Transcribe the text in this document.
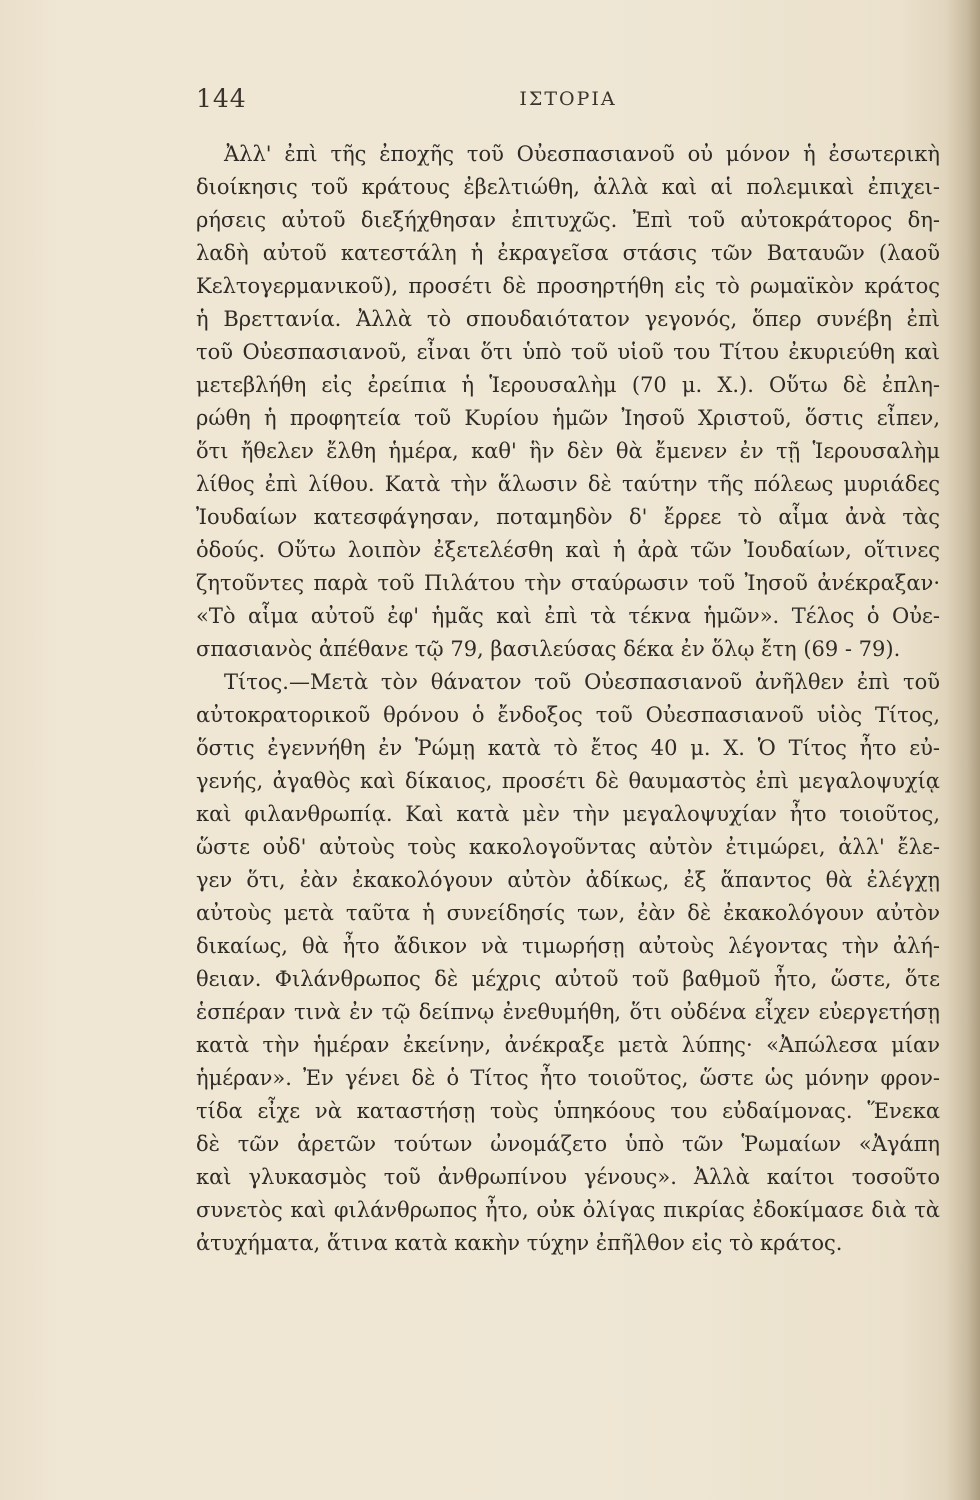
144	ΙΣΤΟΡΙΑ
Ἀλλ' ἐπὶ τῆς ἐποχῆς τοῦ Οὐεσπασιανοῦ οὐ μόνον ἡ ἐσωτερικὴ
διοίκησις τοῦ κράτους ἐβελτιώθη, ἀλλὰ καὶ αἱ πολεμικαὶ ἐπιχει-
ρήσεις αὐτοῦ διεξήχθησαν ἐπιτυχῶς. Ἐπὶ τοῦ αὐτοκράτορος δη-
λαδὴ αὐτοῦ κατεστάλη ἡ ἐκραγεῖσα στάσις τῶν Βαταυῶν (λαοῦ
Κελτογερμανικοῦ), προσέτι δὲ προσηρτήθη εἰς τὸ ρωμαϊκὸν κράτος
ἡ Βρεττανία. Ἀλλὰ τὸ σπουδαιότατον γεγονός, ὅπερ συνέβη ἐπὶ
τοῦ Οὐεσπασιανοῦ, εἶναι ὅτι ὑπὸ τοῦ υἱοῦ του Τίτου ἐκυριεύθη καὶ
μετεβλήθη εἰς ἐρείπια ἡ Ἱερουσαλὴμ (70 μ. Χ.). Οὕτω δὲ ἐπλη-
ρώθη ἡ προφητεία τοῦ Κυρίου ἡμῶν Ἰησοῦ Χριστοῦ, ὅστις εἶπεν,
ὅτι ἤθελεν ἔλθη ἡμέρα, καθ' ἣν δὲν θὰ ἔμενεν ἐν τῇ Ἱερουσαλὴμ
λίθος ἐπὶ λίθου. Κατὰ τὴν ἅλωσιν δὲ ταύτην τῆς πόλεως μυριάδες
Ἰουδαίων κατεσφάγησαν, ποταμηδὸν δ' ἔρρεε τὸ αἷμα ἀνὰ τὰς
ὁδούς. Οὕτω λοιπὸν ἐξετελέσθη καὶ ἡ ἀρὰ τῶν Ἰουδαίων, οἵτινες
ζητοῦντες παρὰ τοῦ Πιλάτου τὴν σταύρωσιν τοῦ Ἰησοῦ ἀνέκραξαν·
«Τὸ αἷμα αὐτοῦ ἐφ' ἡμᾶς καὶ ἐπὶ τὰ τέκνα ἡμῶν». Τέλος ὁ Οὐε-
σπασιανὸς ἀπέθανε τῷ 79, βασιλεύσας δέκα ἐν ὅλῳ ἔτη (69 - 79).
Τίτος.—Μετὰ τὸν θάνατον τοῦ Οὐεσπασιανοῦ ἀνῆλθεν ἐπὶ τοῦ
αὐτοκρατορικοῦ θρόνου ὁ ἔνδοξος τοῦ Οὐεσπασιανοῦ υἱὸς Τίτος,
ὅστις ἐγεννήθη ἐν Ῥώμῃ κατὰ τὸ ἔτος 40 μ. Χ. Ὁ Τίτος ἦτο εὐ-
γενής, ἀγαθὸς καὶ δίκαιος, προσέτι δὲ θαυμαστὸς ἐπὶ μεγαλοψυχίᾳ
καὶ φιλανθρωπίᾳ. Καὶ κατὰ μὲν τὴν μεγαλοψυχίαν ἦτο τοιοῦτος,
ὥστε οὐδ' αὐτοὺς τοὺς κακολογοῦντας αὐτὸν ἐτιμώρει, ἀλλ' ἔλε-
γεν ὅτι, ἐὰν ἐκακολόγουν αὐτὸν ἀδίκως, ἐξ ἅπαντος θὰ ἐλέγχῃ
αὐτοὺς μετὰ ταῦτα ἡ συνείδησίς των, ἐὰν δὲ ἐκακολόγουν αὐτὸν
δικαίως, θὰ ἦτο ἄδικον νὰ τιμωρήσῃ αὐτοὺς λέγοντας τὴν ἀλή-
θειαν. Φιλάνθρωπος δὲ μέχρις αὐτοῦ τοῦ βαθμοῦ ἦτο, ὥστε, ὅτε
ἑσπέραν τινὰ ἐν τῷ δείπνῳ ἐνεθυμήθη, ὅτι οὐδένα εἶχεν εὐεργετήσῃ
κατὰ τὴν ἡμέραν ἐκείνην, ἀνέκραξε μετὰ λύπης· «Ἀπώλεσα μίαν
ἡμέραν». Ἐν γένει δὲ ὁ Τίτος ἦτο τοιοῦτος, ὥστε ὡς μόνην φρον-
τίδα εἶχε νὰ καταστήσῃ τοὺς ὑπηκόους του εὐδαίμονας. Ἕνεκα
δὲ τῶν ἀρετῶν τούτων ὠνομάζετο ὑπὸ τῶν Ῥωμαίων «Ἀγάπη
καὶ γλυκασμὸς τοῦ ἀνθρωπίνου γένους». Ἀλλὰ καίτοι τοσοῦτο
συνετὸς καὶ φιλάνθρωπος ἦτο, οὐκ ὀλίγας πικρίας ἐδοκίμασε διὰ τὰ
ἀτυχήματα, ἅτινα κατὰ κακὴν τύχην ἐπῆλθον εἰς τὸ κράτος.
